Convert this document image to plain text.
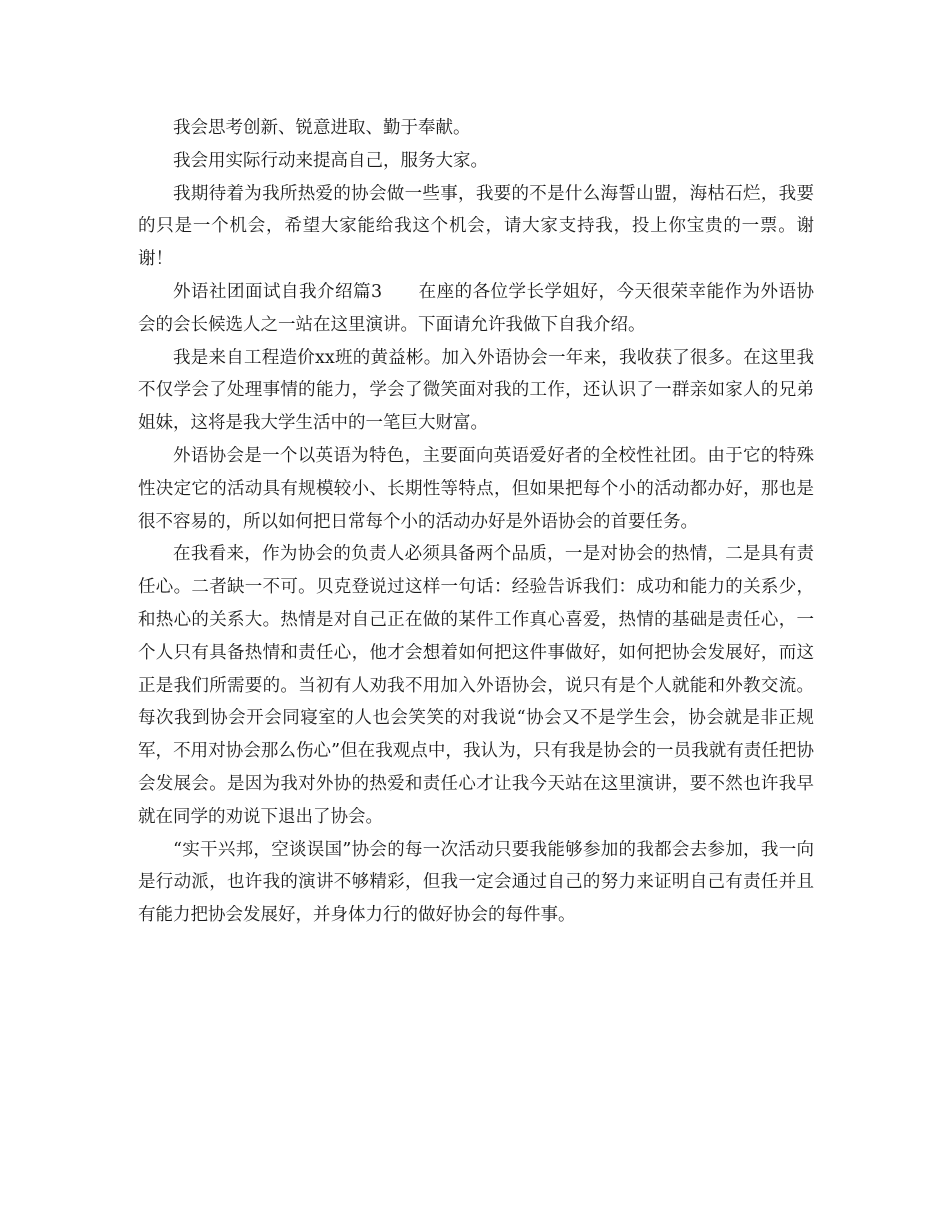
我会思考创新、锐意进取、勤于奉献。

我会用实际行动来提高自己，服务大家。

我期待着为我所热爱的协会做一些事，我要的不是什么海誓山盟，海枯石烂，我要的只是一个机会，希望大家能给我这个机会，请大家支持我，投上你宝贵的一票。谢谢！

外语社团面试自我介绍篇3　　在座的各位学长学姐好，今天很荣幸能作为外语协会的会长候选人之一站在这里演讲。下面请允许我做下自我介绍。

我是来自工程造价xx班的黄益彬。加入外语协会一年来，我收获了很多。在这里我不仅学会了处理事情的能力，学会了微笑面对我的工作，还认识了一群亲如家人的兄弟姐妹，这将是我大学生活中的一笔巨大财富。

外语协会是一个以英语为特色，主要面向英语爱好者的全校性社团。由于它的特殊性决定它的活动具有规模较小、长期性等特点，但如果把每个小的活动都办好，那也是很不容易的，所以如何把日常每个小的活动办好是外语协会的首要任务。

在我看来，作为协会的负责人必须具备两个品质，一是对协会的热情，二是具有责任心。二者缺一不可。贝克登说过这样一句话：经验告诉我们：成功和能力的关系少，和热心的关系大。热情是对自己正在做的某件工作真心喜爱，热情的基础是责任心，一个人只有具备热情和责任心，他才会想着如何把这件事做好，如何把协会发展好，而这正是我们所需要的。当初有人劝我不用加入外语协会，说只有是个人就能和外教交流。每次我到协会开会同寝室的人也会笑笑的对我说“协会又不是学生会，协会就是非正规军，不用对协会那么伤心”但在我观点中，我认为，只有我是协会的一员我就有责任把协会发展会。是因为我对外协的热爱和责任心才让我今天站在这里演讲，要不然也许我早就在同学的劝说下退出了协会。

“实干兴邦，空谈误国”协会的每一次活动只要我能够参加的我都会去参加，我一向是行动派，也许我的演讲不够精彩，但我一定会通过自己的努力来证明自己有责任并且有能力把协会发展好，并身体力行的做好协会的每件事。
